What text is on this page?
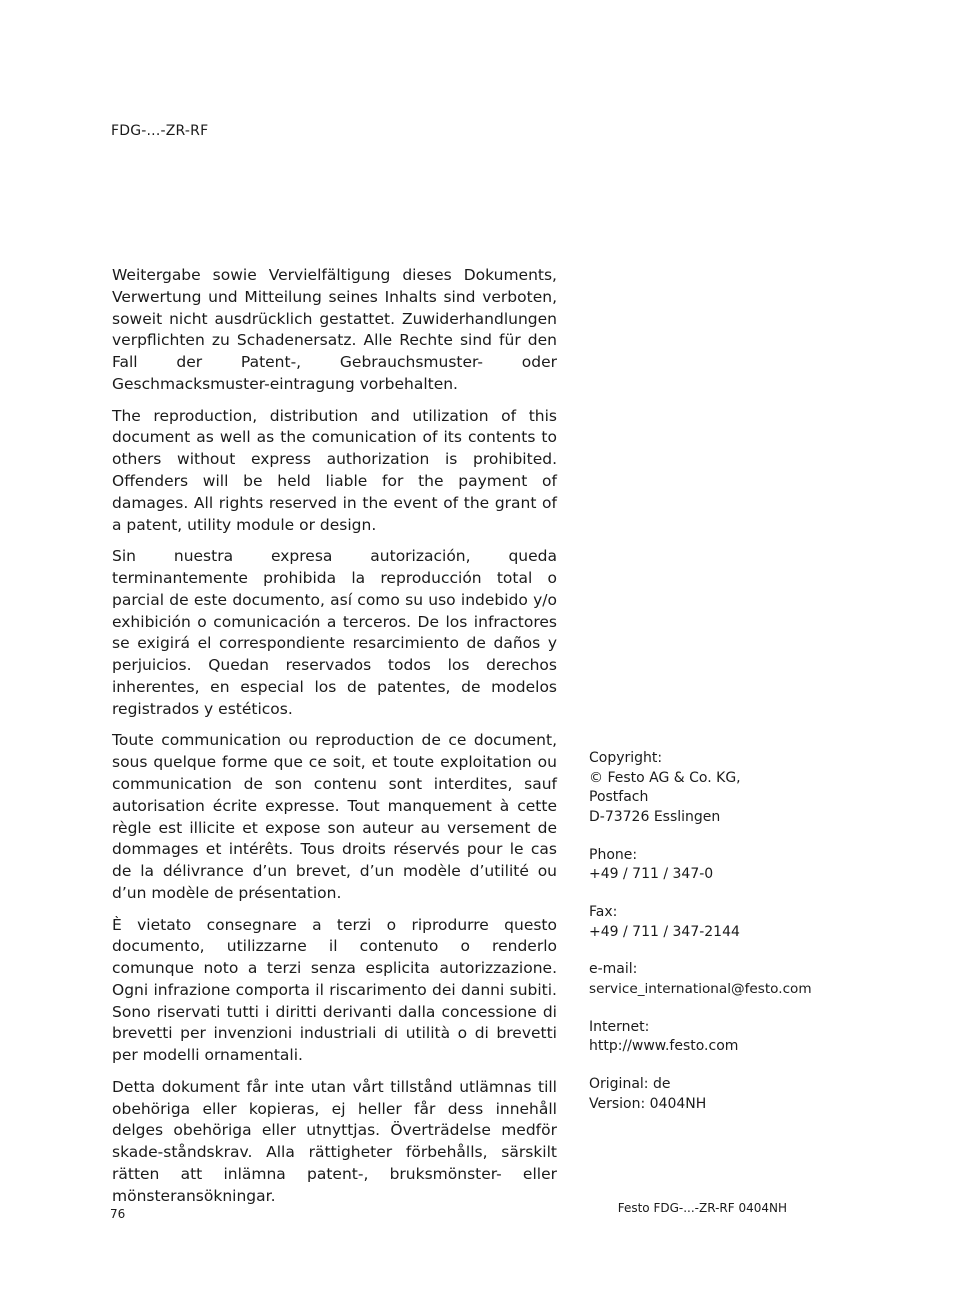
FDG-...-ZR-RF

Weitergabe sowie Vervielfältigung dieses Dokuments, Verwertung und Mitteilung seines Inhalts sind verboten, soweit nicht ausdrücklich gestattet. Zuwiderhandlungen verpflichten zu Schadenersatz. Alle Rechte sind für den Fall der Patent-, Gebrauchsmuster- oder Geschmacksmuster-eintragung vorbehalten.

The reproduction, distribution and utilization of this document as well as the comunication of its contents to others without express authorization is prohibited. Offenders will be held liable for the payment of damages. All rights reserved in the event of the grant of a patent, utility module or design.

Sin nuestra expresa autorización, queda terminantemente prohibida la reproducción total o parcial de este documento, así como su uso indebido y/o exhibición o comunicación a terceros. De los infractores se exigirá el correspondiente resarcimiento de daños y perjuicios. Quedan reservados todos los derechos inherentes, en especial los de patentes, de modelos registrados y estéticos.

Toute communication ou reproduction de ce document, sous quelque forme que ce soit, et toute exploitation ou communication de son contenu sont interdites, sauf autorisation écrite expresse. Tout manquement à cette règle est illicite et expose son auteur au versement de dommages et intérêts. Tous droits réservés pour le cas de la délivrance d’un brevet, d’un modèle d’utilité ou d’un modèle de présentation.

È vietato consegnare a terzi o riprodurre questo documento, utilizzarne il contenuto o renderlo comunque noto a terzi senza esplicita autorizzazione. Ogni infrazione comporta il riscarimento dei danni subiti. Sono riservati tutti i diritti derivanti dalla concessione di brevetti per invenzioni industriali di utilità o di brevetti per modelli ornamentali.

Detta dokument får inte utan vårt tillstånd utlämnas till obehöriga eller kopieras, ej heller får dess innehåll delges obehöriga eller utnyttjas. Överträdelse medför skade-ståndskrav. Alla rättigheter förbehålls, särskilt rätten att inlämna patent-, bruksmönster- eller mönsteransökningar.

Copyright:
© Festo AG & Co. KG,
Postfach
D-73726 Esslingen
Phone:
+49 / 711 / 347-0
Fax:
+49 / 711 / 347-2144
e-mail:
service_international@festo.com
Internet:
http://www.festo.com
Original: de
Version: 0404NH
76	Festo FDG-...-ZR-RF 0404NH
